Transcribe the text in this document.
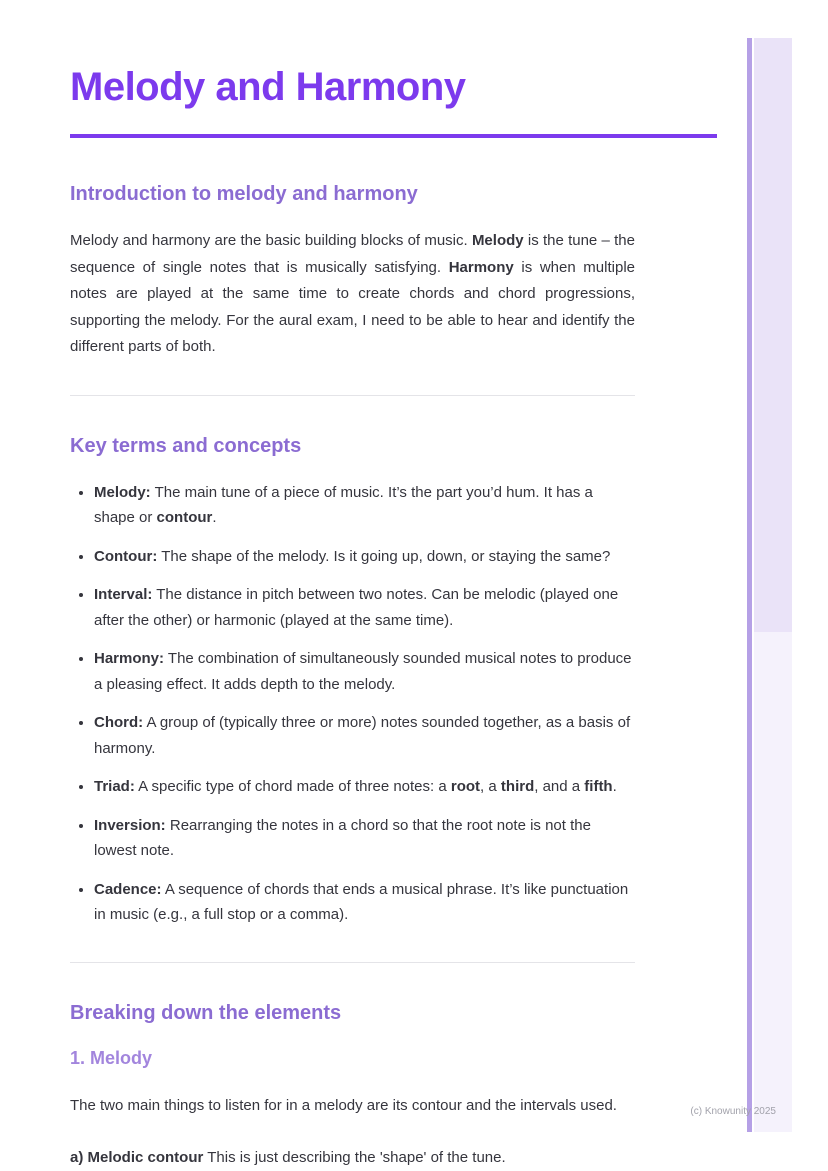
Melody and Harmony
Introduction to melody and harmony

Melody and harmony are the basic building blocks of music. Melody is the tune – the sequence of single notes that is musically satisfying. Harmony is when multiple notes are played at the same time to create chords and chord progressions, supporting the melody. For the aural exam, I need to be able to hear and identify the different parts of both.

Key terms and concepts
• Melody: The main tune of a piece of music. It’s the part you’d hum. It has a shape or contour.
• Contour: The shape of the melody. Is it going up, down, or staying the same?
• Interval: The distance in pitch between two notes. Can be melodic (played one after the other) or harmonic (played at the same time).
• Harmony: The combination of simultaneously sounded musical notes to produce a pleasing effect. It adds depth to the melody.
• Chord: A group of (typically three or more) notes sounded together, as a basis of harmony.
• Triad: A specific type of chord made of three notes: a root, a third, and a fifth.
• Inversion: Rearranging the notes in a chord so that the root note is not the lowest note.
• Cadence: A sequence of chords that ends a musical phrase. It’s like punctuation in music (e.g., a full stop or a comma).
Breaking down the elements
1. Melody

The two main things to listen for in a melody are its contour and the intervals used.

a) Melodic contour This is just describing the 'shape' of the tune.

(c) Knowunity 2025
